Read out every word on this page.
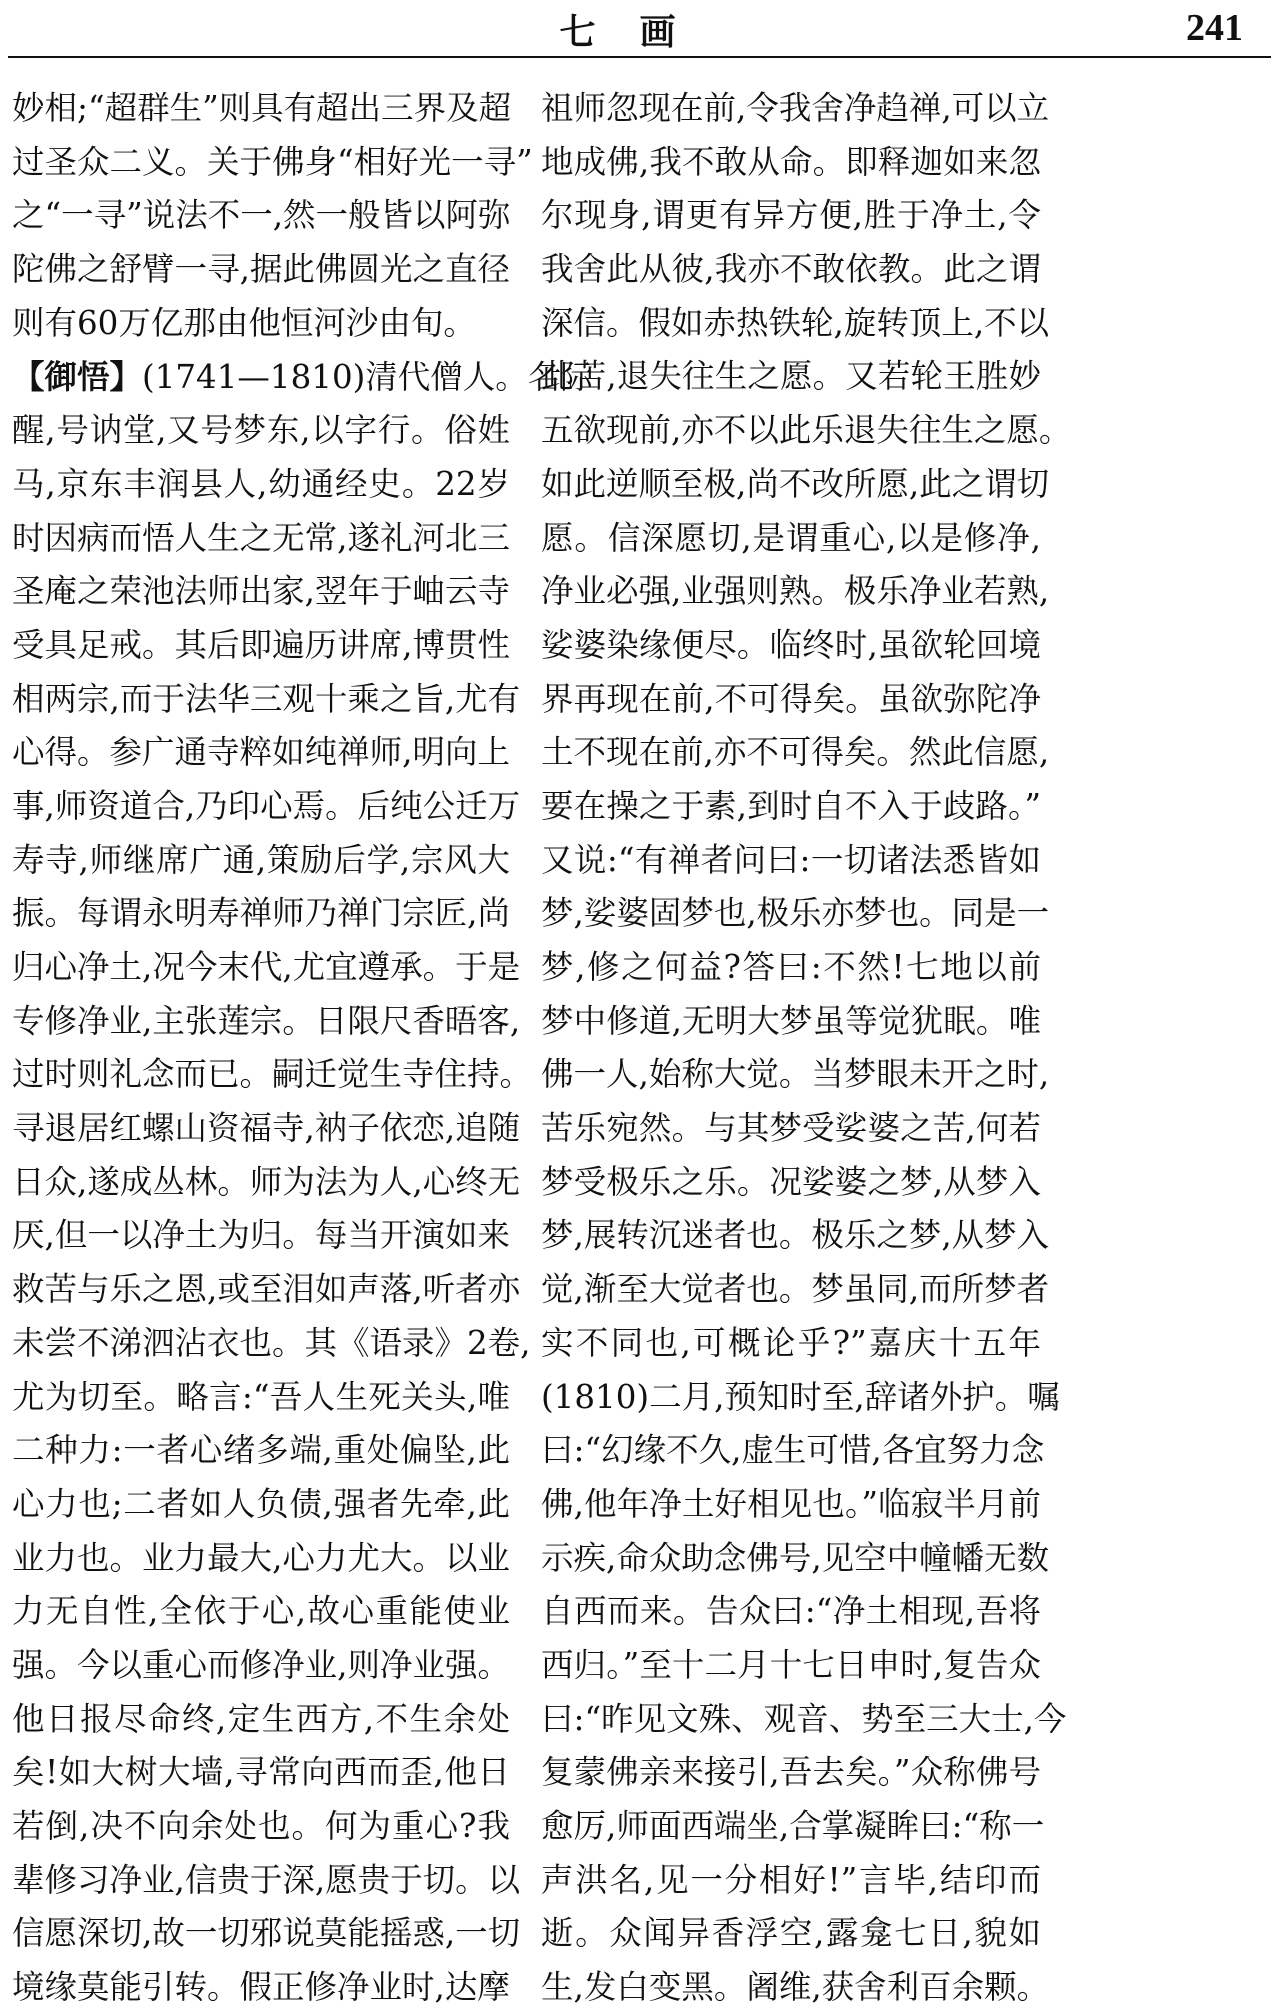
七画	241
妙相;“超群生”则具有超出三界及超
过圣众二义。关于佛身“相好光一寻”
之“一寻”说法不一,然一般皆以阿弥
陀佛之舒臂一寻,据此佛圆光之直径
则有60万亿那由他恒河沙由旬。
【御悟】(1741—1810)清代僧人。名际
醒,号讷堂,又号梦东,以字行。俗姓
马,京东丰润县人,幼通经史。22岁
时因病而悟人生之无常,遂礼河北三
圣庵之荣池法师出家,翌年于岫云寺
受具足戒。其后即遍历讲席,博贯性
相两宗,而于法华三观十乘之旨,尤有
心得。参广通寺粹如纯禅师,明向上
事,师资道合,乃印心焉。后纯公迁万
寿寺,师继席广通,策励后学,宗风大
振。每谓永明寿禅师乃禅门宗匠,尚
归心净土,况今末代,尤宜遵承。于是
专修净业,主张莲宗。日限尺香晤客,
过时则礼念而已。嗣迁觉生寺住持。
寻退居红螺山资福寺,衲子依恋,追随
日众,遂成丛林。师为法为人,心终无
厌,但一以净土为归。每当开演如来
救苦与乐之恩,或至泪如声落,听者亦
未尝不涕泗沾衣也。其《语录》2卷,
尤为切至。略言:“吾人生死关头,唯
二种力:一者心绪多端,重处偏坠,此
心力也;二者如人负债,强者先牵,此
业力也。业力最大,心力尤大。以业
力无自性,全依于心,故心重能使业
强。今以重心而修净业,则净业强。
他日报尽命终,定生西方,不生余处
矣!如大树大墙,寻常向西而歪,他日
若倒,决不向余处也。何为重心?我
辈修习净业,信贵于深,愿贵于切。以
信愿深切,故一切邪说莫能摇惑,一切
境缘莫能引转。假正修净业时,达摩
祖师忽现在前,令我舍净趋禅,可以立
地成佛,我不敢从命。即释迦如来忽
尔现身,谓更有异方便,胜于净土,令
我舍此从彼,我亦不敢依教。此之谓
深信。假如赤热铁轮,旋转顶上,不以
此苦,退失往生之愿。又若轮王胜妙
五欲现前,亦不以此乐退失往生之愿。
如此逆顺至极,尚不改所愿,此之谓切
愿。信深愿切,是谓重心,以是修净,
净业必强,业强则熟。极乐净业若熟,
娑婆染缘便尽。临终时,虽欲轮回境
界再现在前,不可得矣。虽欲弥陀净
土不现在前,亦不可得矣。然此信愿,
要在操之于素,到时自不入于歧路。”
又说:“有禅者问曰:一切诸法悉皆如
梦,娑婆固梦也,极乐亦梦也。同是一
梦,修之何益?答曰:不然!七地以前
梦中修道,无明大梦虽等觉犹眠。唯
佛一人,始称大觉。当梦眼未开之时,
苦乐宛然。与其梦受娑婆之苦,何若
梦受极乐之乐。况娑婆之梦,从梦入
梦,展转沉迷者也。极乐之梦,从梦入
觉,渐至大觉者也。梦虽同,而所梦者
实不同也,可概论乎?”嘉庆十五年
(1810)二月,预知时至,辞诸外护。嘱
曰:“幻缘不久,虚生可惜,各宜努力念
佛,他年净土好相见也。”临寂半月前
示疾,命众助念佛号,见空中幢幡无数
自西而来。告众曰:“净土相现,吾将
西归。”至十二月十七日申时,复告众
曰:“昨见文殊、观音、势至三大士,今
复蒙佛亲来接引,吾去矣。”众称佛号
愈厉,师面西端坐,合掌凝眸曰:“称一
声洪名,见一分相好!”言毕,结印而
逝。众闻异香浮空,露龛七日,貌如
生,发白变黑。阇维,获舍利百余颗。
